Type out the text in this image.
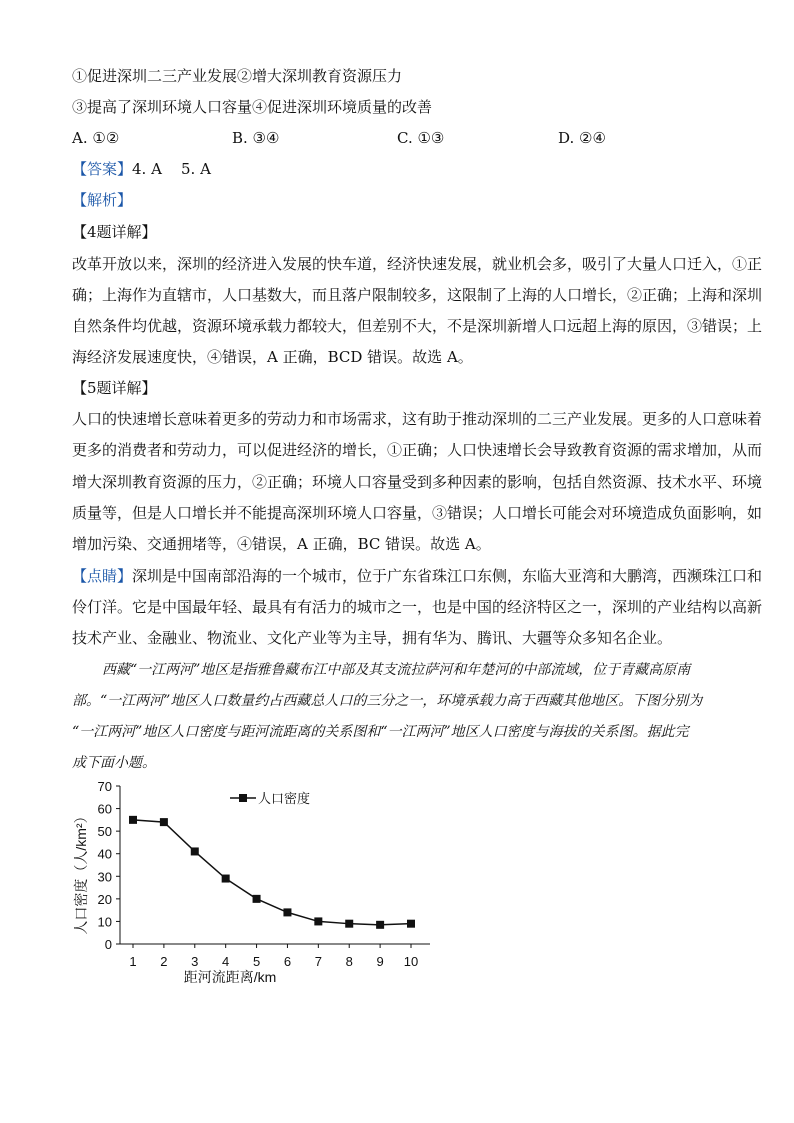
①促进深圳二三产业发展②增大深圳教育资源压力
③提高了深圳环境人口容量④促进深圳环境质量的改善
A. ①②	B. ③④	C. ①③	D. ②④
【答案】4. A    5. A
【解析】
【4题详解】
改革开放以来，深圳的经济进入发展的快车道，经济快速发展，就业机会多，吸引了大量人口迁入，①正
确；上海作为直辖市，人口基数大，而且落户限制较多，这限制了上海的人口增长，②正确；上海和深圳
自然条件均优越，资源环境承载力都较大，但差别不大，不是深圳新增人口远超上海的原因，③错误；上
海经济发展速度快，④错误，A 正确，BCD 错误。故选 A。
【5题详解】
人口的快速增长意味着更多的劳动力和市场需求，这有助于推动深圳的二三产业发展。更多的人口意味着
更多的消费者和劳动力，可以促进经济的增长，①正确；人口快速增长会导致教育资源的需求增加，从而
增大深圳教育资源的压力，②正确；环境人口容量受到多种因素的影响，包括自然资源、技术水平、环境
质量等，但是人口增长并不能提高深圳环境人口容量，③错误；人口增长可能会对环境造成负面影响，如
增加污染、交通拥堵等，④错误，A 正确，BC 错误。故选 A。
【点睛】深圳是中国南部沿海的一个城市，位于广东省珠江口东侧，东临大亚湾和大鹏湾，西濒珠江口和
伶仃洋。它是中国最年轻、最具有有活力的城市之一，也是中国的经济特区之一，深圳的产业结构以高新
技术产业、金融业、物流业、文化产业等为主导，拥有华为、腾讯、大疆等众多知名企业。
西藏“一江两河”地区是指雅鲁藏布江中部及其支流拉萨河和年楚河的中部流域，位于青藏高原南
部。“一江两河”地区人口数量约占西藏总人口的三分之一，环境承载力高于西藏其他地区。下图分别为
“一江两河”地区人口密度与距河流距离的关系图和“一江两河”地区人口密度与海拔的关系图。据此完
成下面小题。
0
10
20
30
40
50
60
70
1 2 3 4 5 6 7 8 9 10
人口密度
距河流距离/km
人口密度（人/km²）
